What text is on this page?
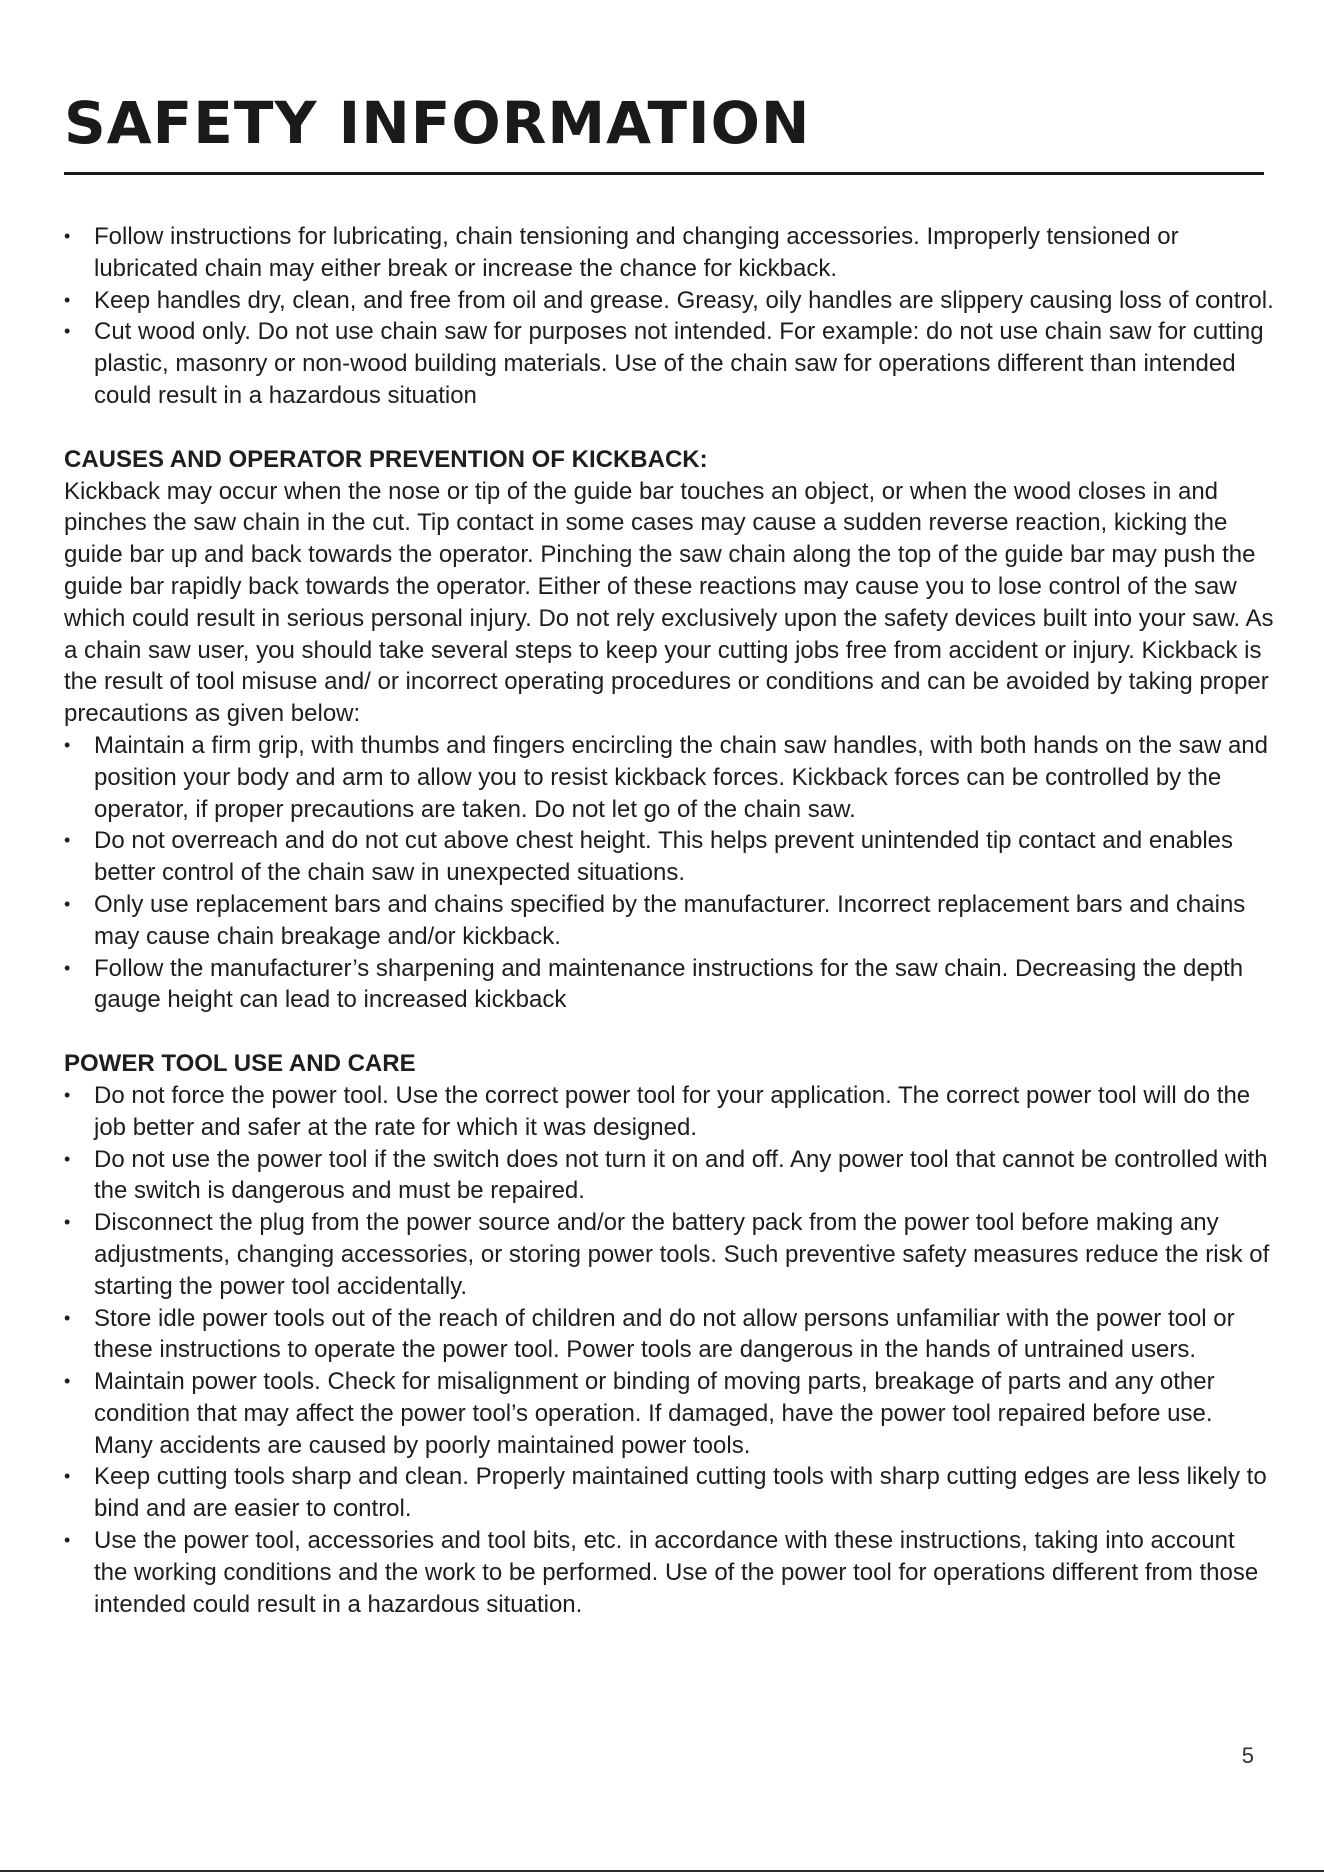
SAFETY INFORMATION
• Follow instructions for lubricating, chain tensioning and changing accessories. Improperly tensioned or lubricated chain may either break or increase the chance for kickback.
• Keep handles dry, clean, and free from oil and grease. Greasy, oily handles are slippery causing loss of control.
• Cut wood only. Do not use chain saw for purposes not intended. For example: do not use chain saw for cutting plastic, masonry or non-wood building materials. Use of the chain saw for operations different than intended could result in a hazardous situation
CAUSES AND OPERATOR PREVENTION OF KICKBACK:

Kickback may occur when the nose or tip of the guide bar touches an object, or when the wood closes in and pinches the saw chain in the cut. Tip contact in some cases may cause a sudden reverse reaction, kicking the guide bar up and back towards the operator. Pinching the saw chain along the top of the guide bar may push the guide bar rapidly back towards the operator. Either of these reactions may cause you to lose control of the saw which could result in serious personal injury. Do not rely exclusively upon the safety devices built into your saw. As a chain saw user, you should take several steps to keep your cutting jobs free from accident or injury. Kickback is the result of tool misuse and/ or incorrect operating procedures or conditions and can be avoided by taking proper precautions as given below:

• Maintain a firm grip, with thumbs and fingers encircling the chain saw handles, with both hands on the saw and position your body and arm to allow you to resist kickback forces. Kickback forces can be controlled by the operator, if proper precautions are taken. Do not let go of the chain saw.
• Do not overreach and do not cut above chest height. This helps prevent unintended tip contact and enables better control of the chain saw in unexpected situations.
• Only use replacement bars and chains specified by the manufacturer. Incorrect replacement bars and chains may cause chain breakage and/or kickback.
• Follow the manufacturer’s sharpening and maintenance instructions for the saw chain. Decreasing the depth gauge height can lead to increased kickback
POWER TOOL USE AND CARE
• Do not force the power tool. Use the correct power tool for your application. The correct power tool will do the job better and safer at the rate for which it was designed.
• Do not use the power tool if the switch does not turn it on and off. Any power tool that cannot be controlled with the switch is dangerous and must be repaired.
• Disconnect the plug from the power source and/or the battery pack from the power tool before making any adjustments, changing accessories, or storing power tools. Such preventive safety measures reduce the risk of starting the power tool accidentally.
• Store idle power tools out of the reach of children and do not allow persons unfamiliar with the power tool or these instructions to operate the power tool. Power tools are dangerous in the hands of untrained users.
• Maintain power tools. Check for misalignment or binding of moving parts, breakage of parts and any other condition that may affect the power tool’s operation. If damaged, have the power tool repaired before use. Many accidents are caused by poorly maintained power tools.
• Keep cutting tools sharp and clean. Properly maintained cutting tools with sharp cutting edges are less likely to bind and are easier to control.
• Use the power tool, accessories and tool bits, etc. in accordance with these instructions, taking into account the working conditions and the work to be performed. Use of the power tool for operations different from those intended could result in a hazardous situation.
5
